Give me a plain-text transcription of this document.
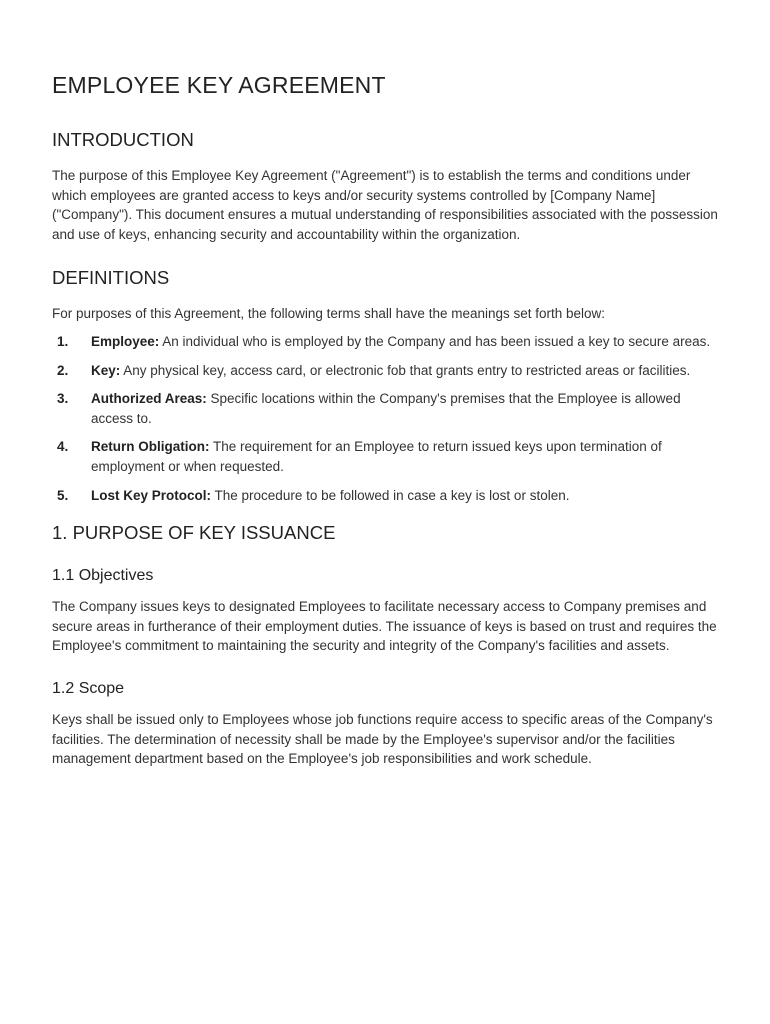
EMPLOYEE KEY AGREEMENT
INTRODUCTION

The purpose of this Employee Key Agreement ("Agreement") is to establish the terms and conditions under which employees are granted access to keys and/or security systems controlled by [Company Name] ("Company"). This document ensures a mutual understanding of responsibilities associated with the possession and use of keys, enhancing security and accountability within the organization.

DEFINITIONS

For purposes of this Agreement, the following terms shall have the meanings set forth below:

1.	Employee: An individual who is employed by the Company and has been issued a key to secure areas.
2.	Key: Any physical key, access card, or electronic fob that grants entry to restricted areas or facilities.
3.	Authorized Areas: Specific locations within the Company's premises that the Employee is allowed access to.
4.	Return Obligation: The requirement for an Employee to return issued keys upon termination of employment or when requested.
5.	Lost Key Protocol: The procedure to be followed in case a key is lost or stolen.
1. PURPOSE OF KEY ISSUANCE
1.1 Objectives

The Company issues keys to designated Employees to facilitate necessary access to Company premises and secure areas in furtherance of their employment duties. The issuance of keys is based on trust and requires the Employee's commitment to maintaining the security and integrity of the Company's facilities and assets.

1.2 Scope

Keys shall be issued only to Employees whose job functions require access to specific areas of the Company's facilities. The determination of necessity shall be made by the Employee's supervisor and/or the facilities management department based on the Employee's job responsibilities and work schedule.
